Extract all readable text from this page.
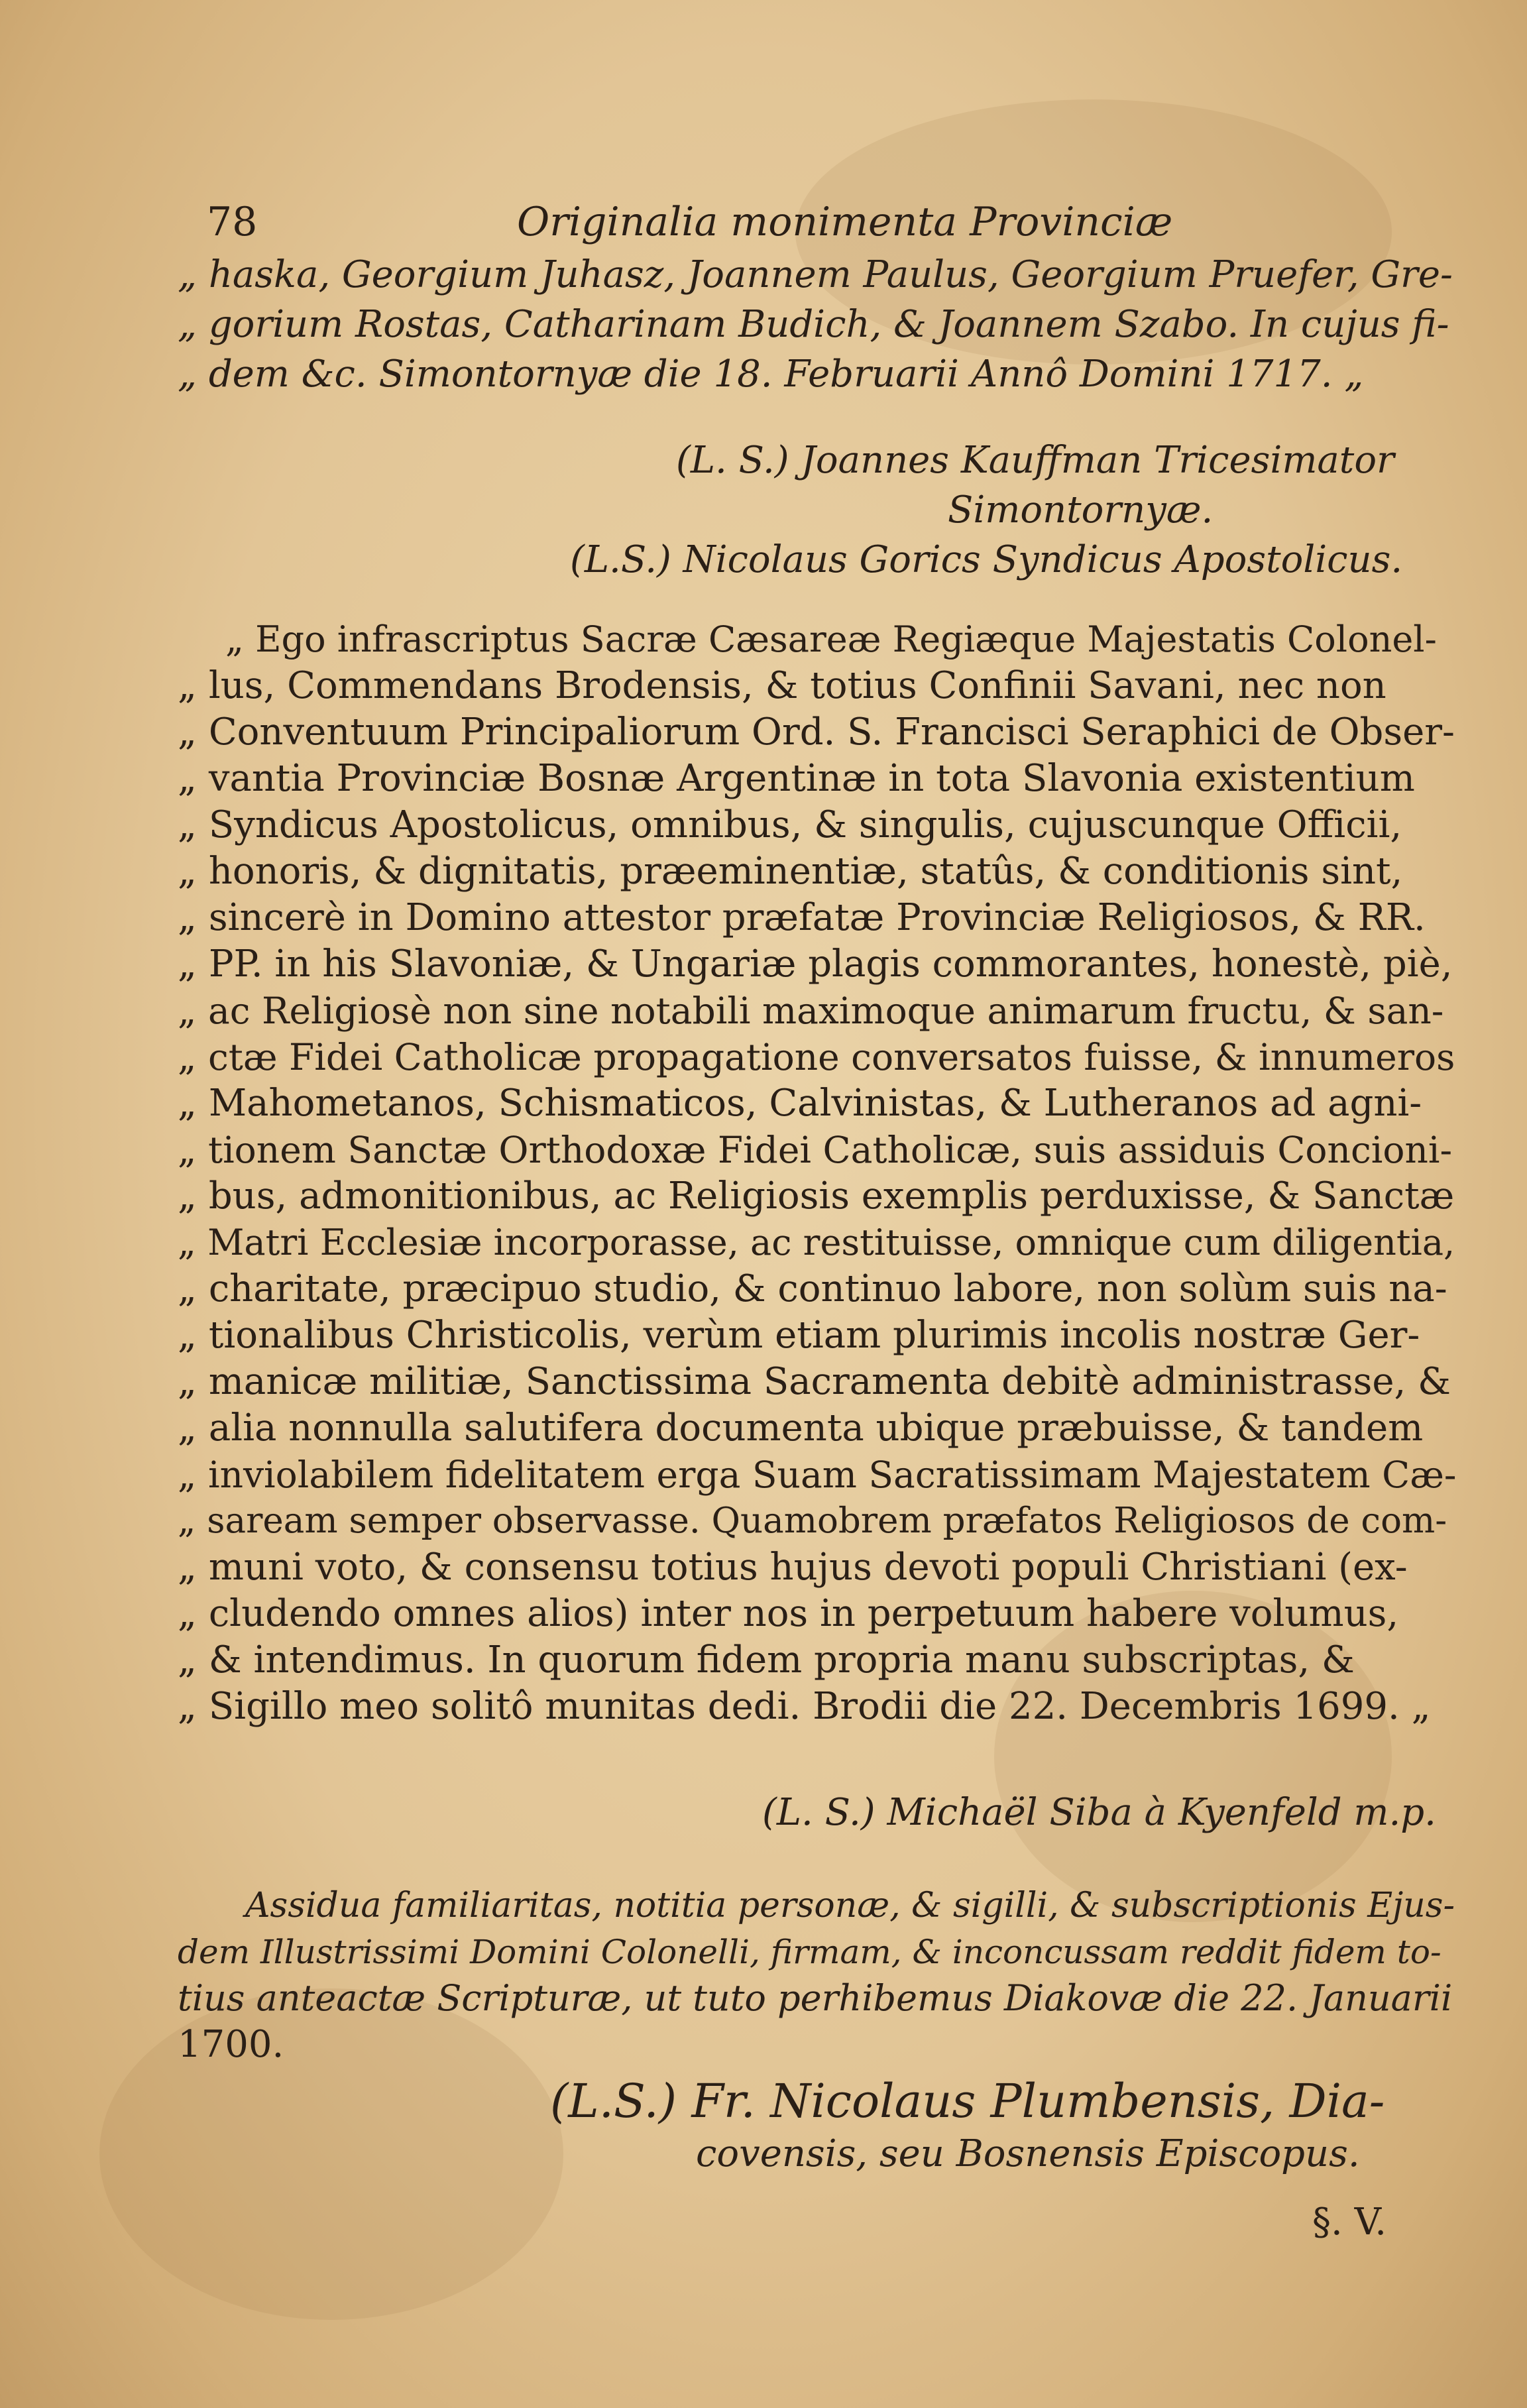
78	Originalia monimenta Provinciæ
„ haska, Georgium Juhasz, Joannem Paulus, Georgium Pruefer, Gre-
„ gorium Rostas, Catharinam Budich, & Joannem Szabo. In cujus fi-
„ dem &c. Simontornyæ die 18. Februarii Annô Domini 1717. „
(L. S.) Joannes Kauffman Tricesimator
Simontornyæ.
(L.S.) Nicolaus Gorics Syndicus Apostolicus.
„ Ego infrascriptus Sacræ Cæsareæ Regiæque Majestatis Colonel-
„ lus, Commendans Brodensis, & totius Confinii Savani, nec non
„ Conventuum Principaliorum Ord. S. Francisci Seraphici de Obser-
„ vantia Provinciæ Bosnæ Argentinæ in tota Slavonia existentium
„ Syndicus Apostolicus, omnibus, & singulis, cujuscunque Officii,
„ honoris, & dignitatis, præeminentiæ, statûs, & conditionis sint,
„ sincerè in Domino attestor præfatæ Provinciæ Religiosos, & RR.
„ PP. in his Slavoniæ, & Ungariæ plagis commorantes, honestè, piè,
„ ac Religiosè non sine notabili maximoque animarum fructu, & san-
„ ctæ Fidei Catholicæ propagatione conversatos fuisse, & innumeros
„ Mahometanos, Schismaticos, Calvinistas, & Lutheranos ad agni-
„ tionem Sanctæ Orthodoxæ Fidei Catholicæ, suis assiduis Concioni-
„ bus, admonitionibus, ac Religiosis exemplis perduxisse, & Sanctæ
„ Matri Ecclesiæ incorporasse, ac restituisse, omnique cum diligentia,
„ charitate, præcipuo studio, & continuo labore, non solùm suis na-
„ tionalibus Christicolis, verùm etiam plurimis incolis nostræ Ger-
„ manicæ militiæ, Sanctissima Sacramenta debitè administrasse, &
„ alia nonnulla salutifera documenta ubique præbuisse, & tandem
„ inviolabilem fidelitatem erga Suam Sacratissimam Majestatem Cæ-
„ saream semper observasse. Quamobrem præfatos Religiosos de com-
„ muni voto, & consensu totius hujus devoti populi Christiani (ex-
„ cludendo omnes alios) inter nos in perpetuum habere volumus,
„ & intendimus. In quorum fidem propria manu subscriptas, &
„ Sigillo meo solitô munitas dedi. Brodii die 22. Decembris 1699. „
(L. S.) Michaël Siba à Kyenfeld m.p.
Assidua familiaritas, notitia personæ, & sigilli, & subscriptionis Ejus-
dem Illustrissimi Domini Colonelli, firmam, & inconcussam reddit fidem to-
tius anteactæ Scripturæ, ut tuto perhibemus Diakovæ die 22. Januarii
1700.
(L.S.) Fr. Nicolaus Plumbensis, Dia-
covensis, seu Bosnensis Episcopus.
§. V.
